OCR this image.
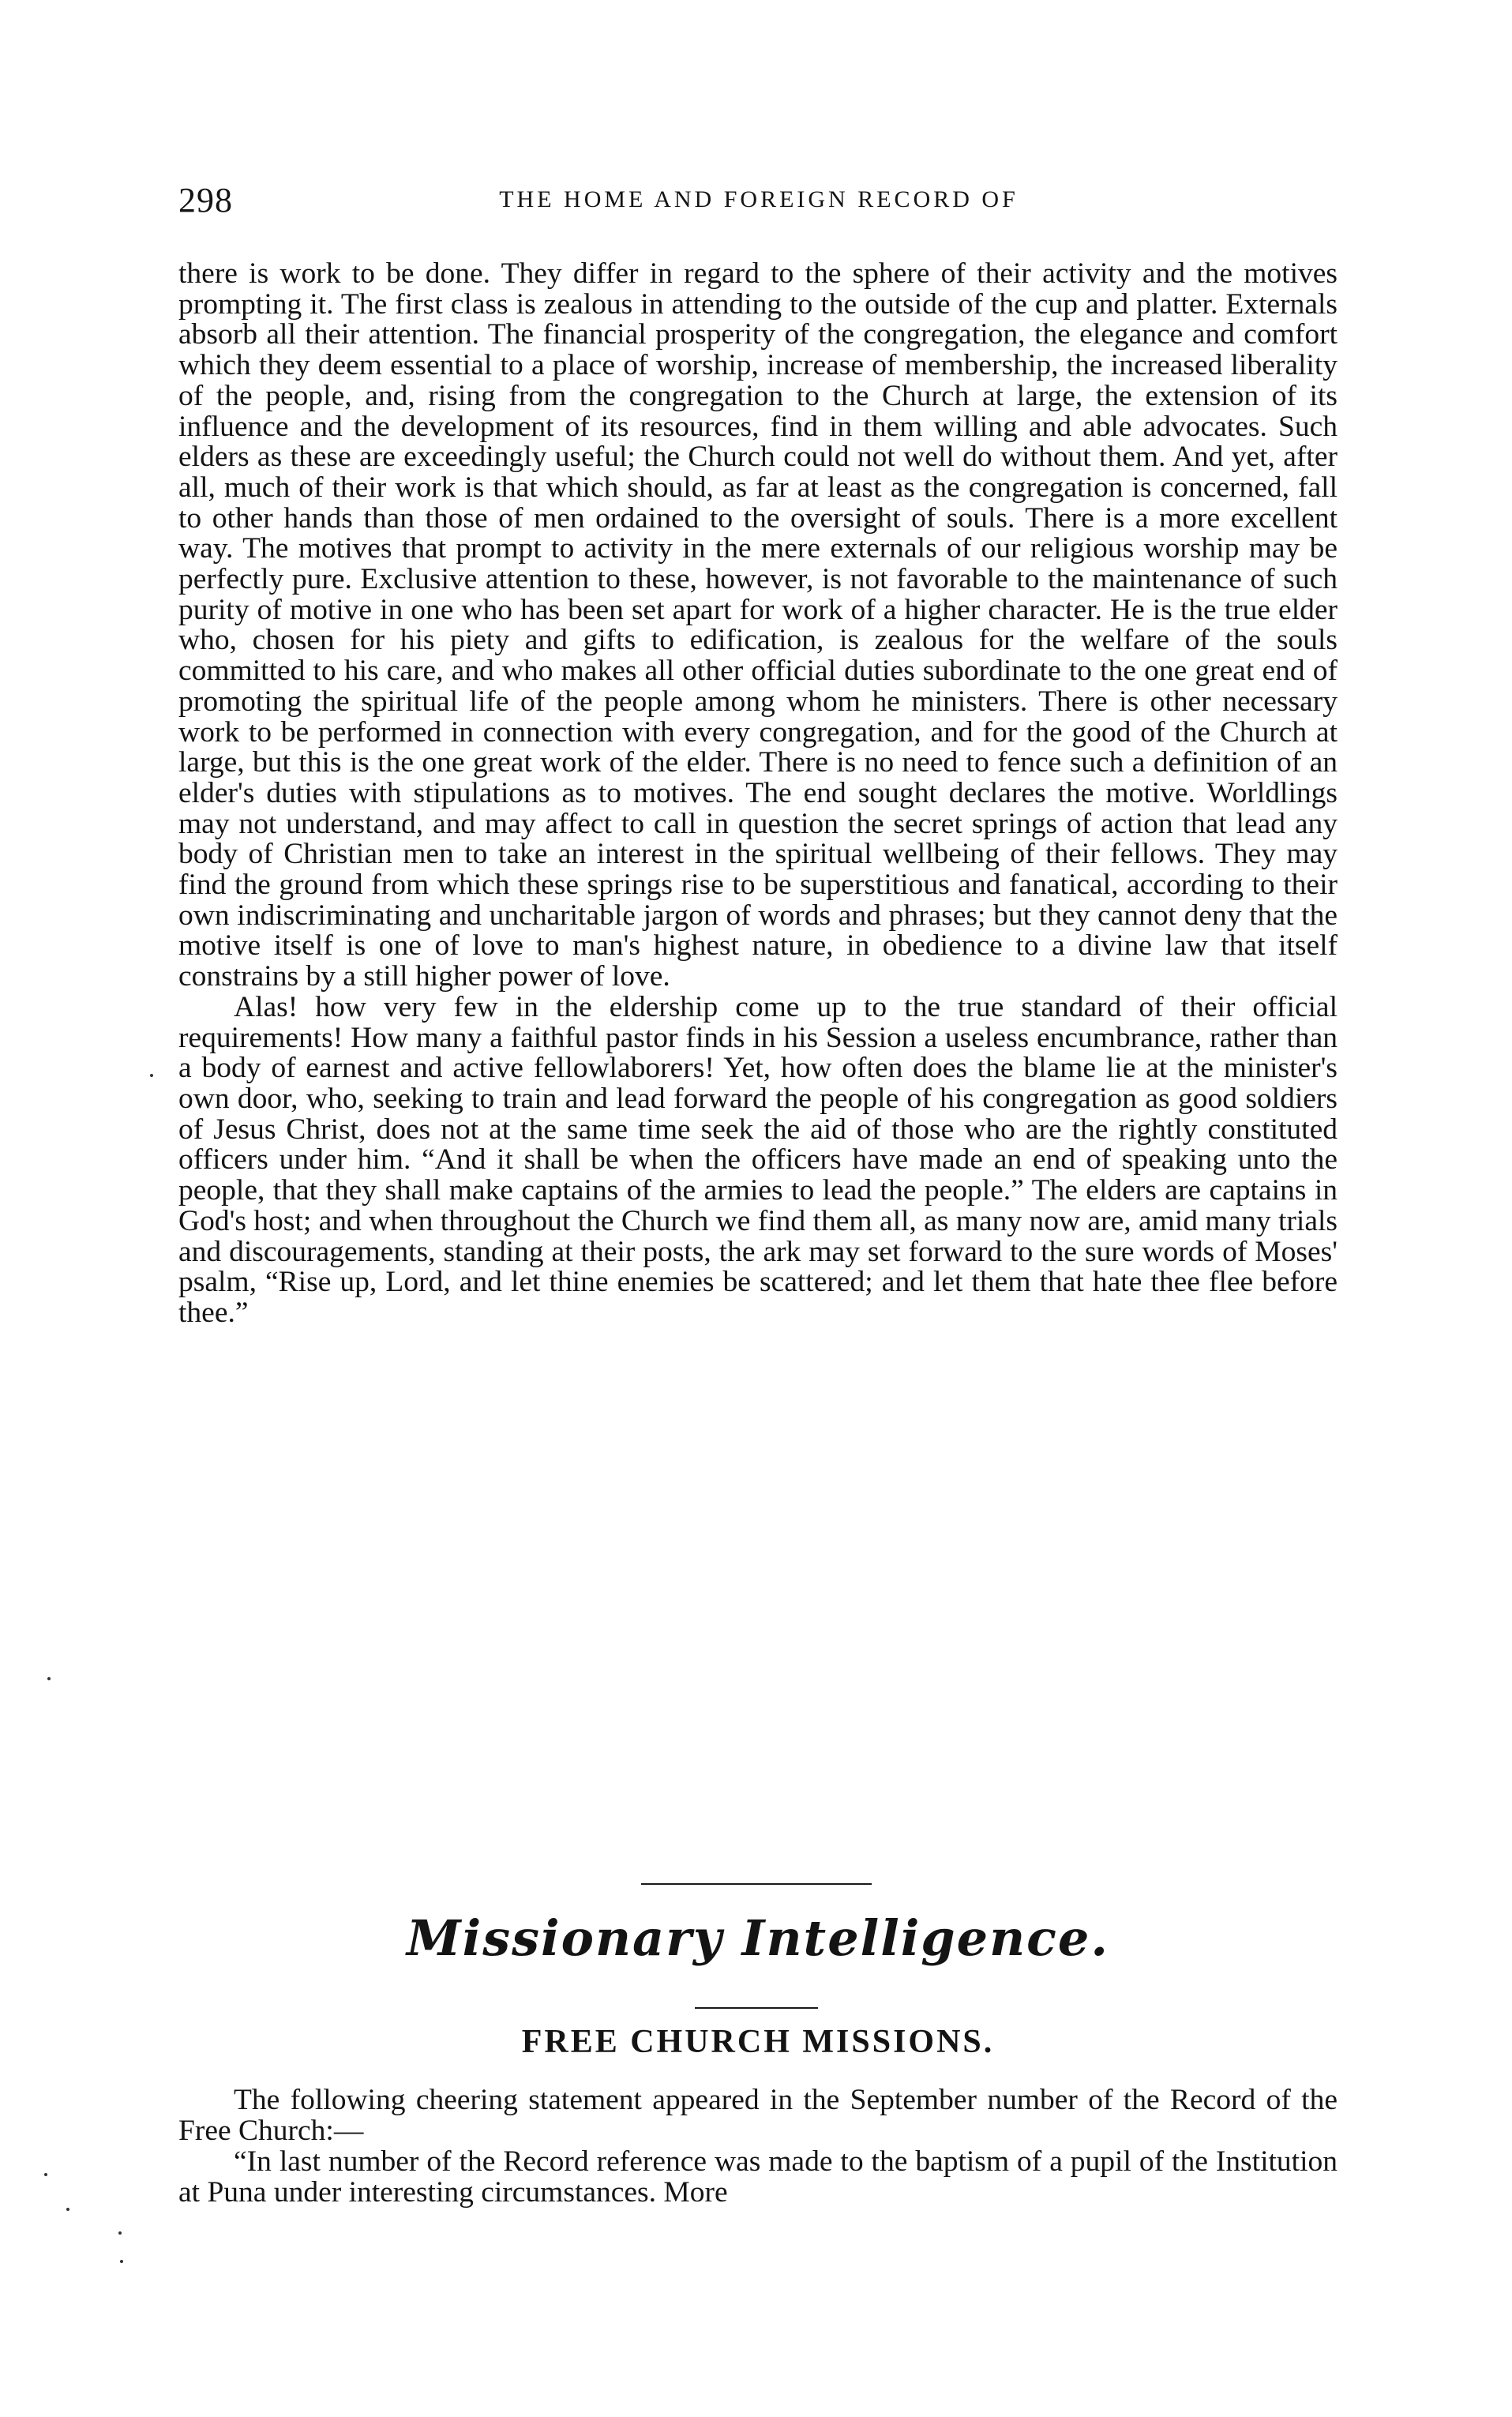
298	THE HOME AND FOREIGN RECORD OF

there is work to be done. They differ in regard to the sphere of their activity and the motives prompting it. The first class is zealous in attending to the outside of the cup and platter. Externals absorb all their attention. The financial prosperity of the congregation, the elegance and comfort which they deem essential to a place of worship, increase of membership, the increased liberality of the people, and, rising from the congregation to the Church at large, the extension of its influence and the development of its resources, find in them willing and able advocates. Such elders as these are exceedingly useful; the Church could not well do without them. And yet, after all, much of their work is that which should, as far at least as the congregation is concerned, fall to other hands than those of men ordained to the oversight of souls. There is a more excellent way. The motives that prompt to activity in the mere externals of our religious worship may be perfectly pure. Exclusive attention to these, however, is not favorable to the maintenance of such purity of motive in one who has been set apart for work of a higher character. He is the true elder who, chosen for his piety and gifts to edification, is zealous for the welfare of the souls committed to his care, and who makes all other official duties subordinate to the one great end of promoting the spiritual life of the people among whom he ministers. There is other necessary work to be performed in connection with every congregation, and for the good of the Church at large, but this is the one great work of the elder. There is no need to fence such a definition of an elder's duties with stipulations as to motives. The end sought declares the motive. Worldlings may not understand, and may affect to call in question the secret springs of action that lead any body of Christian men to take an interest in the spiritual wellbeing of their fellows. They may find the ground from which these springs rise to be superstitious and fanatical, according to their own indiscriminating and uncharitable jargon of words and phrases; but they cannot deny that the motive itself is one of love to man's highest nature, in obedience to a divine law that itself constrains by a still higher power of love.

Alas! how very few in the eldership come up to the true standard of their official requirements! How many a faithful pastor finds in his Session a useless encumbrance, rather than a body of earnest and active fellowlaborers! Yet, how often does the blame lie at the minister's own door, who, seeking to train and lead forward the people of his congregation as good soldiers of Jesus Christ, does not at the same time seek the aid of those who are the rightly constituted officers under him. “And it shall be when the officers have made an end of speaking unto the people, that they shall make captains of the armies to lead the people.” The elders are captains in God's host; and when throughout the Church we find them all, as many now are, amid many trials and discouragements, standing at their posts, the ark may set forward to the sure words of Moses' psalm, “Rise up, Lord, and let thine enemies be scattered; and let them that hate thee flee before thee.”

Missionary Intelligence.
FREE CHURCH MISSIONS.

The following cheering statement appeared in the September number of the Record of the Free Church:—

“In last number of the Record reference was made to the baptism of a pupil of the Institution at Puna under interesting circumstances. More
